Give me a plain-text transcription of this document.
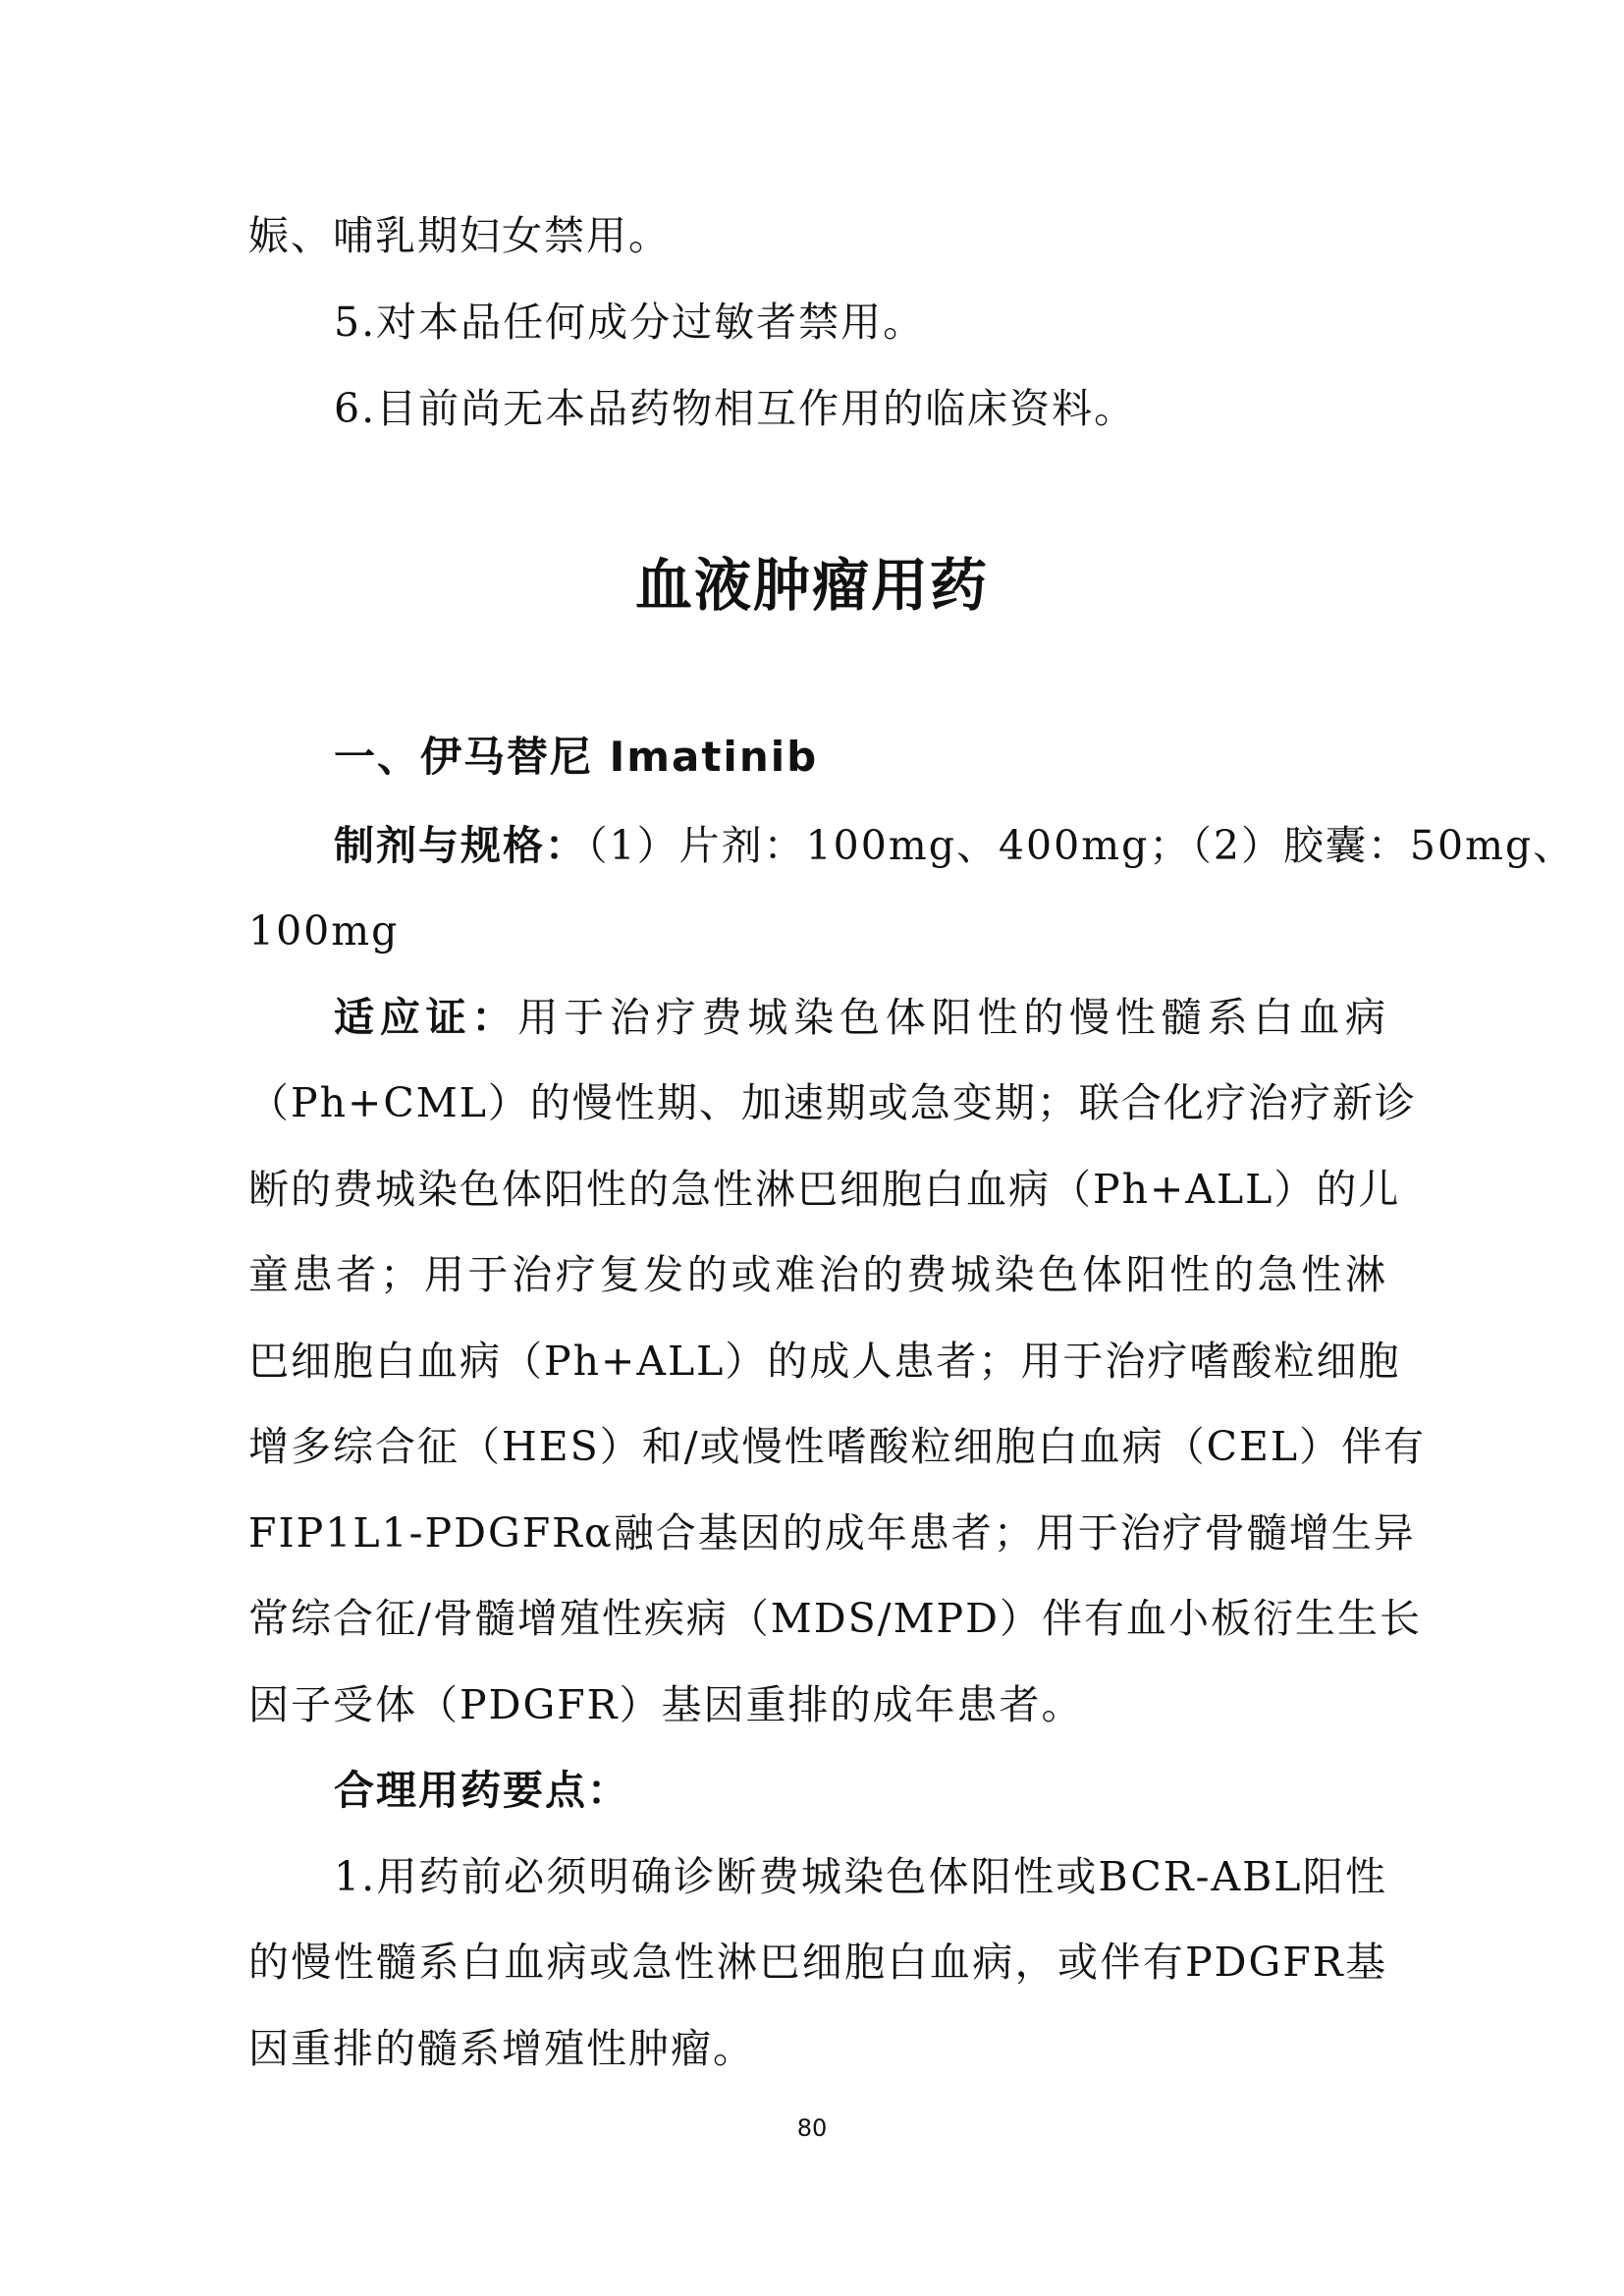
娠、哺乳期妇女禁用。
5.对本品任何成分过敏者禁用。
6.目前尚无本品药物相互作用的临床资料。
血液肿瘤用药
一、伊马替尼 Imatinib
制剂与规格：（1）片剂：100mg、400mg；（2）胶囊：50mg、
100mg
适应证：用于治疗费城染色体阳性的慢性髓系白血病
（Ph+CML）的慢性期、加速期或急变期；联合化疗治疗新诊
断的费城染色体阳性的急性淋巴细胞白血病（Ph+ALL）的儿
童患者；用于治疗复发的或难治的费城染色体阳性的急性淋
巴细胞白血病（Ph+ALL）的成人患者；用于治疗嗜酸粒细胞
增多综合征（HES）和/或慢性嗜酸粒细胞白血病（CEL）伴有
FIP1L1-PDGFRα融合基因的成年患者；用于治疗骨髓增生异
常综合征/骨髓增殖性疾病（MDS/MPD）伴有血小板衍生生长
因子受体（PDGFR）基因重排的成年患者。
合理用药要点：
1.用药前必须明确诊断费城染色体阳性或BCR-ABL阳性
的慢性髓系白血病或急性淋巴细胞白血病，或伴有PDGFR基
因重排的髓系增殖性肿瘤。
80
